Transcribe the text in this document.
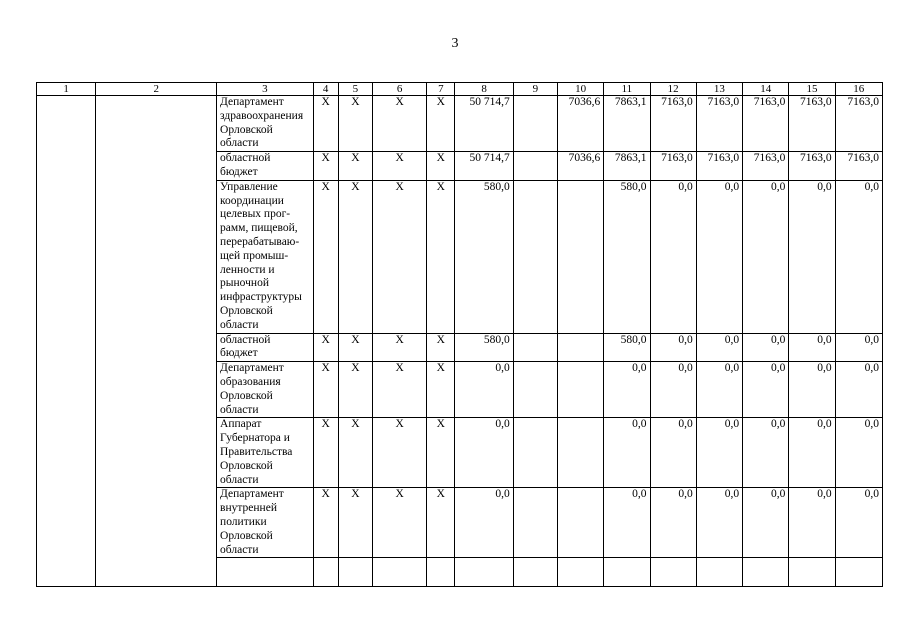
3
1	2	3	4	5	6	7	8	9	10	11	12	13	14	15	16
		Департамент здравоохранения Орловской области	X	X	X	X	50 714,7		7036,6	7863,1	7163,0	7163,0	7163,0	7163,0	7163,0
		областной бюджет	X	X	X	X	50 714,7		7036,6	7863,1	7163,0	7163,0	7163,0	7163,0	7163,0
		Управление координации целевых прог-рамм, пищевой, перерабатываю-щей промыш-ленности и рыночной инфраструктуры Орловской области	X	X	X	X	580,0			580,0	0,0	0,0	0,0	0,0	0,0
		областной бюджет	X	X	X	X	580,0			580,0	0,0	0,0	0,0	0,0	0,0
		Департамент образования Орловской области	X	X	X	X	0,0			0,0	0,0	0,0	0,0	0,0	0,0
		Аппарат Губернатора и Правительства Орловской области	X	X	X	X	0,0			0,0	0,0	0,0	0,0	0,0	0,0
		Департамент внутренней политики Орловской области	X	X	X	X	0,0			0,0	0,0	0,0	0,0	0,0	0,0
